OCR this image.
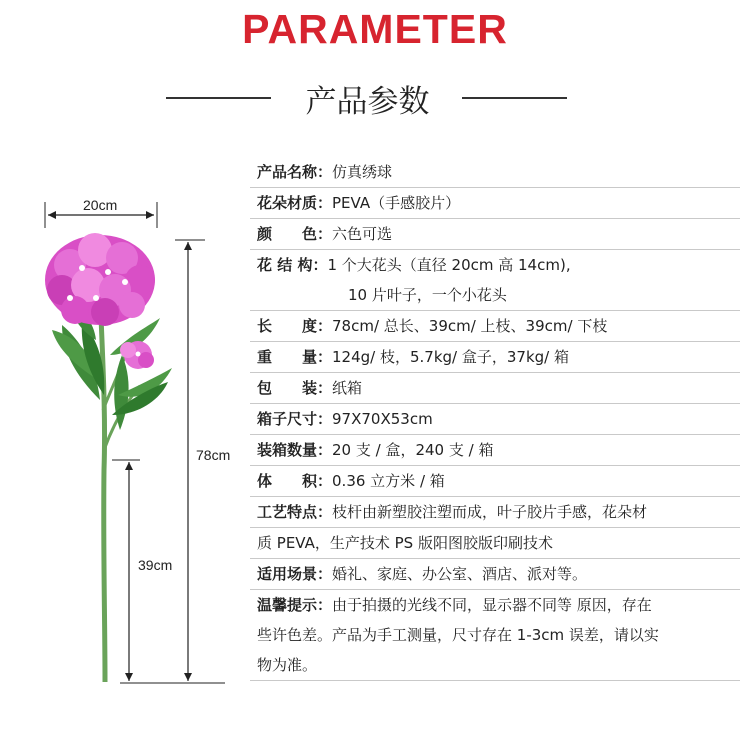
PARAMETER
产品参数
20cm
78cm
39cm
产品名称：仿真绣球
花朵材质：PEVA（手感胶片）
颜　　色：六色可选
花 结 构：1 个大花头（直径 20cm 高 14cm),
10 片叶子，一个小花头
长　　度：78cm/ 总长、39cm/ 上枝、39cm/ 下枝
重　　量：124g/ 枝，5.7kg/ 盒子，37kg/ 箱
包　　装：纸箱
箱子尺寸：97X70X53cm
装箱数量：20 支 / 盒，240 支 / 箱
体　　积：0.36 立方米 / 箱
工艺特点：枝杆由新塑胶注塑而成，叶子胶片手感，花朵材
质 PEVA，生产技术 PS 版阳图胶版印刷技术
适用场景：婚礼、家庭、办公室、酒店、派对等。
温馨提示：由于拍摄的光线不同，显示器不同等 原因，存在
些许色差。产品为手工测量，尺寸存在 1-3cm 误差，请以实
物为准。
